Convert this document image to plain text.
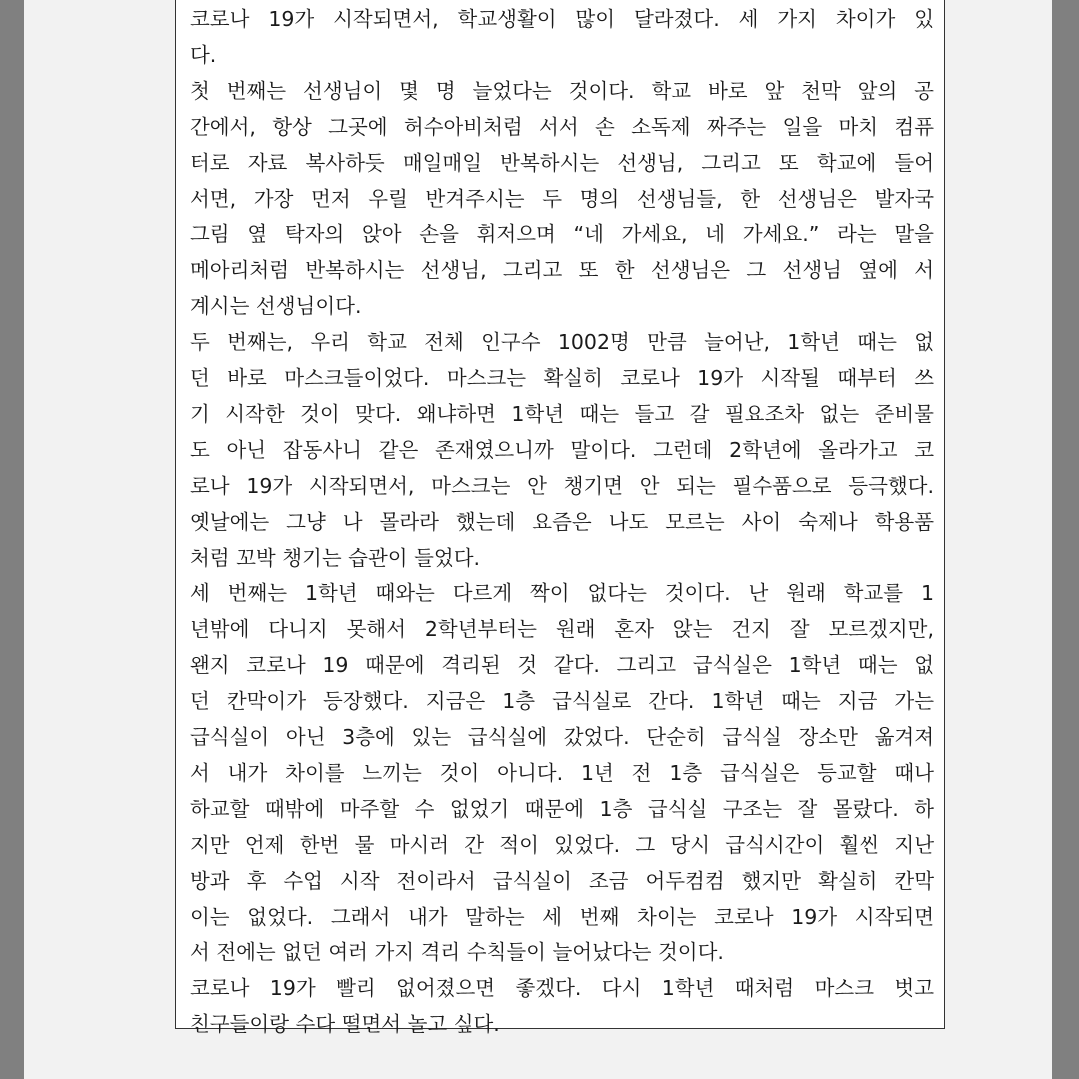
코로나 19가 시작되면서, 학교생활이 많이 달라졌다. 세 가지 차이가 있
다.
첫 번째는 선생님이 몇 명 늘었다는 것이다. 학교 바로 앞 천막 앞의 공
간에서, 항상 그곳에 허수아비처럼 서서 손 소독제 짜주는 일을 마치 컴퓨
터로 자료 복사하듯 매일매일 반복하시는 선생님, 그리고 또 학교에 들어
서면, 가장 먼저 우릴 반겨주시는 두 명의 선생님들, 한 선생님은 발자국
그림 옆 탁자의 앉아 손을 휘저으며 “네 가세요, 네 가세요.” 라는 말을
메아리처럼 반복하시는 선생님, 그리고 또 한 선생님은 그 선생님 옆에 서
계시는 선생님이다.
두 번째는, 우리 학교 전체 인구수 1002명 만큼 늘어난, 1학년 때는 없
던 바로 마스크들이었다. 마스크는 확실히 코로나 19가 시작될 때부터 쓰
기 시작한 것이 맞다. 왜냐하면 1학년 때는 들고 갈 필요조차 없는 준비물
도 아닌 잡동사니 같은 존재였으니까 말이다. 그런데 2학년에 올라가고 코
로나 19가 시작되면서, 마스크는 안 챙기면 안 되는 필수품으로 등극했다.
옛날에는 그냥 나 몰라라 했는데 요즘은 나도 모르는 사이 숙제나 학용품
처럼 꼬박 챙기는 습관이 들었다.
세 번째는 1학년 때와는 다르게 짝이 없다는 것이다. 난 원래 학교를 1
년밖에 다니지 못해서 2학년부터는 원래 혼자 앉는 건지 잘 모르겠지만,
왠지 코로나 19 때문에 격리된 것 같다. 그리고 급식실은 1학년 때는 없
던 칸막이가 등장했다. 지금은 1층 급식실로 간다. 1학년 때는 지금 가는
급식실이 아닌 3층에 있는 급식실에 갔었다. 단순히 급식실 장소만 옮겨져
서 내가 차이를 느끼는 것이 아니다. 1년 전 1층 급식실은 등교할 때나
하교할 때밖에 마주할 수 없었기 때문에 1층 급식실 구조는 잘 몰랐다. 하
지만 언제 한번 물 마시러 간 적이 있었다. 그 당시 급식시간이 훨씬 지난
방과 후 수업 시작 전이라서 급식실이 조금 어두컴컴 했지만 확실히 칸막
이는 없었다. 그래서 내가 말하는 세 번째 차이는 코로나 19가 시작되면
서 전에는 없던 여러 가지 격리 수칙들이 늘어났다는 것이다.
코로나 19가 빨리 없어졌으면 좋겠다. 다시 1학년 때처럼 마스크 벗고
친구들이랑 수다 떨면서 놀고 싶다.
